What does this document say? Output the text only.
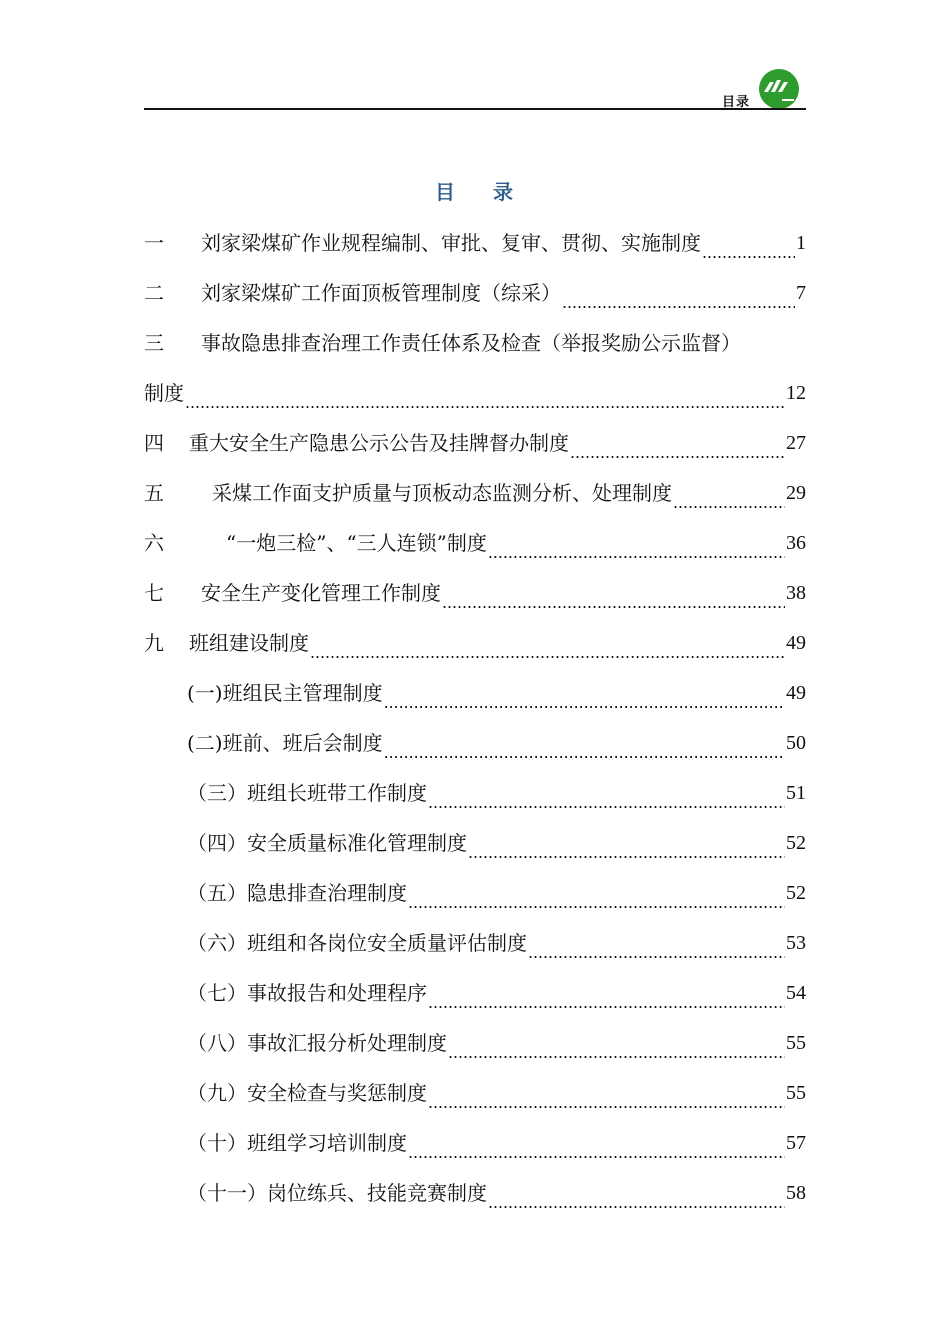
目录
目 录
一	刘家梁煤矿作业规程编制、审批、复审、贯彻、实施制度 .....	1
二	刘家梁煤矿工作面顶板管理制度（综采） .....	7
三 事故隐患排查治理工作责任体系及检查（举报奖励公示监督）
制度 .....	12
四	重大安全生产隐患公示公告及挂牌督办制度 .....	27
五	采煤工作面支护质量与顶板动态监测分析、处理制度 .....	29
六	“一炮三检”、“三人连锁”制度 .....	36
七	安全生产变化管理工作制度 .....	38
九	班组建设制度 .....	49
(一) 班组民主管理制度 .....	49
(二) 班前、班后会制度 .....	50
（三） 班组长班带工作制度 .....	51
（四） 安全质量标准化管理制度 .....	52
（五） 隐患排查治理制度 .....	52
（六） 班组和各岗位安全质量评估制度 .....	53
（七） 事故报告和处理程序 .....	54
（八） 事故汇报分析处理制度 .....	55
（九） 安全检查与奖惩制度 .....	55
（十） 班组学习培训制度 .....	57
（十一） 岗位练兵、技能竞赛制度 .....	58
